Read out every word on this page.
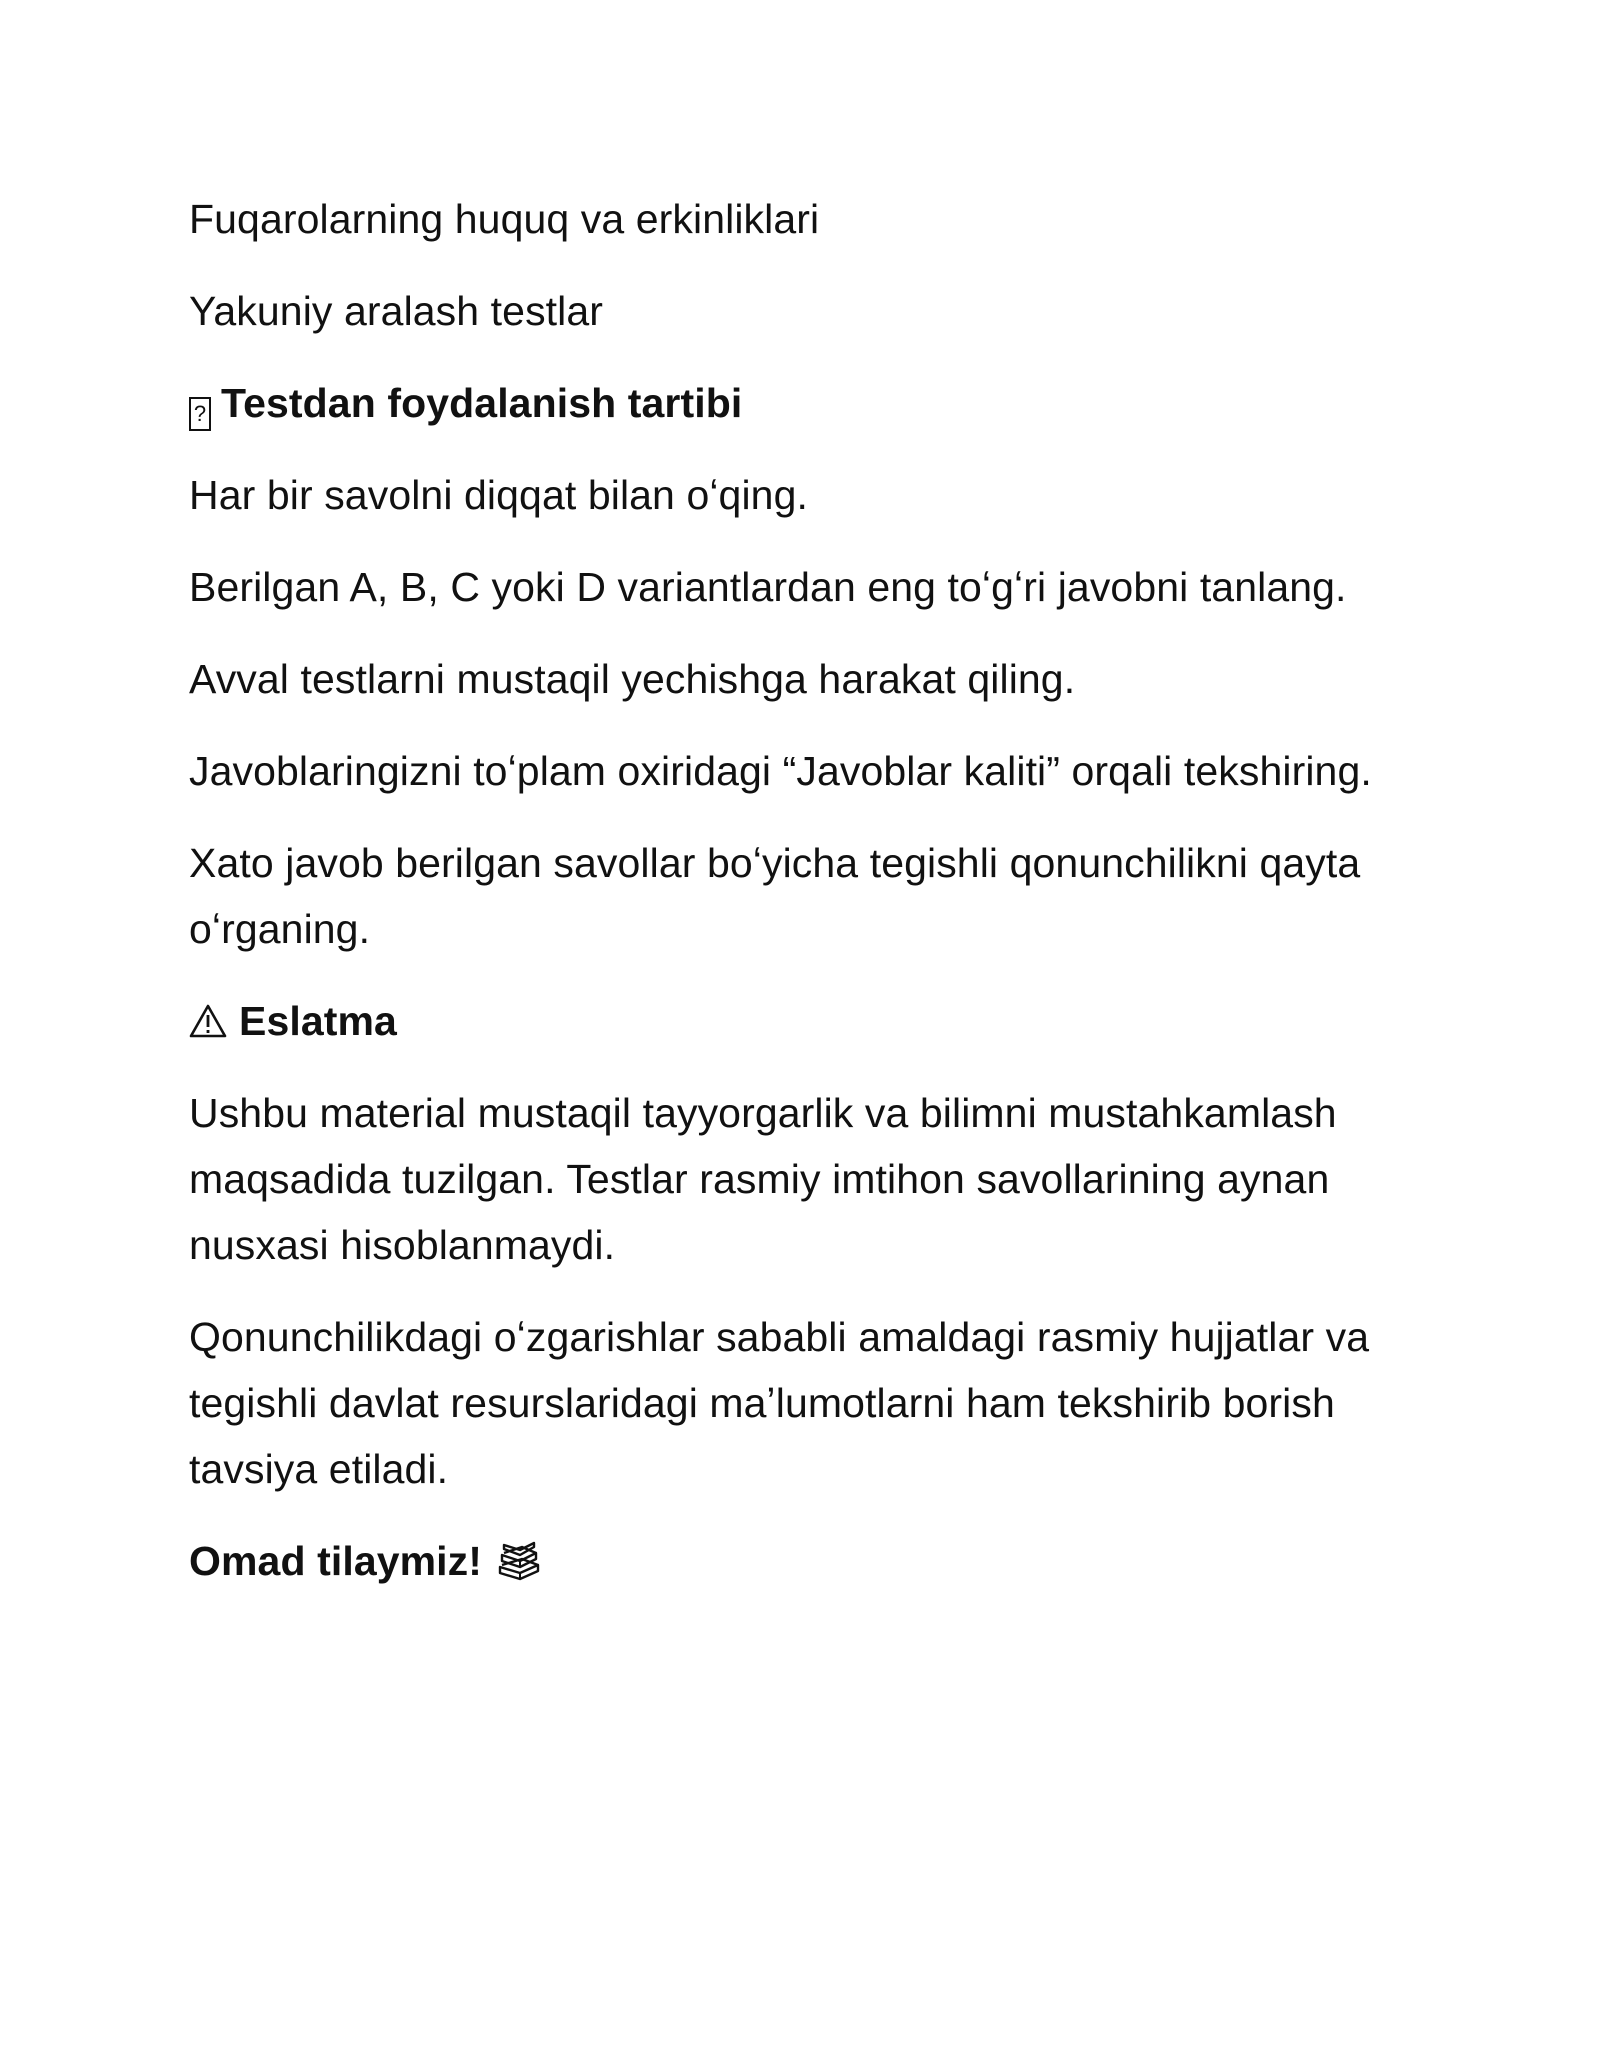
Fuqarolarning huquq va erkinliklari

Yakuniy aralash testlar

? Testdan foydalanish tartibi

Har bir savolni diqqat bilan oʻqing.

Berilgan A, B, C yoki D variantlardan eng toʻgʻri javobni tanlang.

Avval testlarni mustaqil yechishga harakat qiling.

Javoblaringizni toʻplam oxiridagi “Javoblar kaliti” orqali tekshiring.

Xato javob berilgan savollar boʻyicha tegishli qonunchilikni qayta oʻrganing.

Eslatma

Ushbu material mustaqil tayyorgarlik va bilimni mustahkamlash maqsadida tuzilgan. Testlar rasmiy imtihon savollarining aynan nusxasi hisoblanmaydi.

Qonunchilikdagi oʻzgarishlar sababli amaldagi rasmiy hujjatlar va tegishli davlat resurslaridagi maʼlumotlarni ham tekshirib borish tavsiya etiladi.

Omad tilaymiz!
